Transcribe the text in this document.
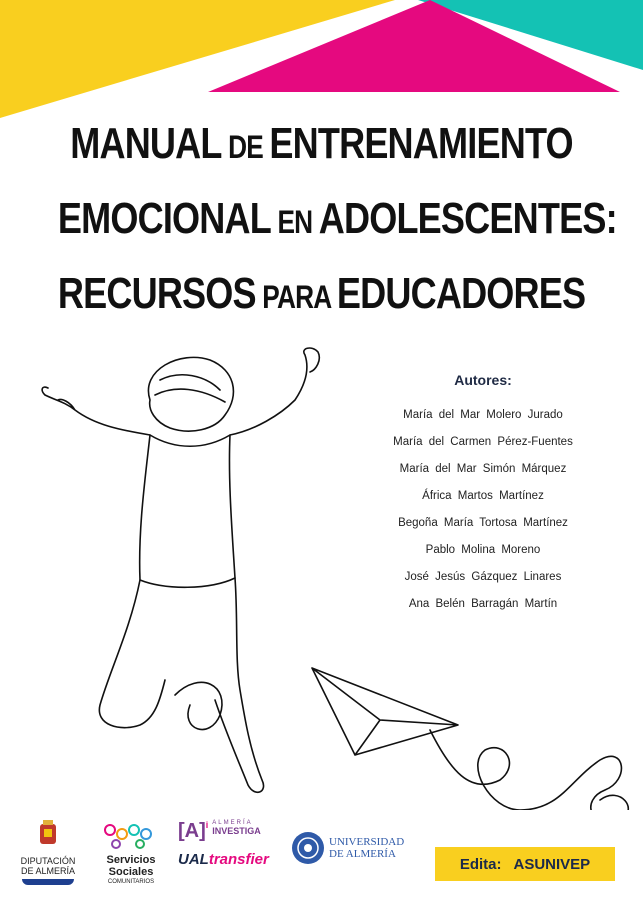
MANUAL DE ENTRENAMIENTO
EMOCIONAL EN ADOLESCENTES:
RECURSOS PARA EDUCADORES
Autores:
María del Mar Molero Jurado
María del Carmen Pérez-Fuentes
María del Mar Simón Márquez
África Martos Martínez
Begoña María Tortosa Martínez
Pablo Molina Moreno
José Jesús Gázquez Linares
Ana Belén Barragán Martín
DIPUTACIÓN
DE ALMERÍA
Servicios
Sociales
COMUNITARIOS
[A] i ALMERÍA
INVESTIGA
UALtransfier
UNIVERSIDAD
DE ALMERÍA
Edita: ASUNIVEP
